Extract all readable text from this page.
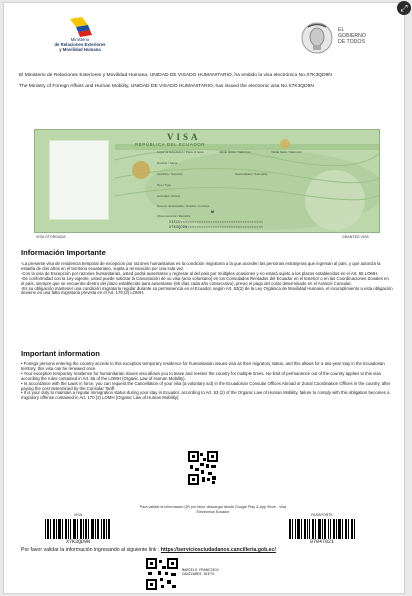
Ministerio
de Relaciones Exteriores
y Movilidad Humana
EL
GOBIERNO
DE TODOS
El Ministerio de Relaciones Exteriores y Movilidad Humana, UNIDAD DE VISADO HUMANITARIO, ha emitido la visa electrónica No.X7K3QD9N
The Ministry of Foreign Affairs and Human Mobility, UNIDAD DE VISADO HUMANITARIO, has issued the electronic visa No.X7K3QD9N
VISA
REPÚBLICA DEL ECUADOR
Lugar de Expedición / Place of issue	Válida desde / Valid from	Válida hasta / Valid until
Nombre / Name
Apellidos / Surname	Nacionalidad / Nationality
Tipo / Type
Actividad / Activity
Número de Entradas / Number of entries
M
Observaciones / Remarks
VIECU<<<<<<<<<<<<<<<<<<<<<<<<<<<<<<<<<<<<
X7K3QD9N<<<<<<<<<<<<<<<<<<<<<<<<<<<<<<<<<
VISA OTORGADA	GRANTED VISA
Información Importante

-La presente visa de residencia temporal de excepción por razones humanitarias es la condición migratoria a la que acceden las personas extranjeras que ingresan al país, y que autoriza la estadía de dos años en el territorio ecuatoriano, sujeta a renovación por una sola vez.

-Con la visa de Excepción por razones humanitarias, usted podrá ausentarse y regresar al del país por múltiples ocasiones y no estará sujeto a los plazos establecidos en el Art. 65 LOMH.

-De conformidad con la Ley vigente, usted puede solicitar la Cancelación de su visa (acto voluntario) en los Consulados Rentados del Ecuador en el Exterior o en las Coordinaciones Zonales en el país, siempre que se encuentre dentro del plazo establecido para ausentarse (90 días cada año consecutivo), previo el pago del costo determinado en el Arancel Consular.

-Es su obligación mantener una condición migratoria regular durante su permanencia en el Ecuador, según Art. 53(2) de la Ley Orgánica de Movilidad Humana, el incumplimiento a esta obligación deviene en una falta migratoria prevista en el Art. 170 (2) LOMH.

Important information

• Foreign persons entering the country accede to this exception temporary residence for humanitarian issues visa as their migratory status, and this allows for a two-year stay in the Ecuadorian territory, this visa can be renewed once.

• Your exception temporary residence for humanitarian issues visa allows you to leave and reenter the country for multiple times. No limit of permanence out of the country applies to this visa according the rules contained in Art. 65 of the LOMH (Organic Law of Human Mobility).

• In accordance with the Laws in force, you can request the Cancellation of your visa (a voluntary act) in the Ecuadorian Consular Offices Abroad or Zonal Coordination Offices in the country, after paying the cost determined by the Consular Tariff.

• It is your duty to maintain a regular immigration status during your stay in Ecuador, according to Art. 53 (2) of the Organic Law of Human Mobility, failure to comply with this obligation becomes a migratory offense contained in Art. 170 (2) LOMH (Organic Law of Human Mobility).

Para validar la información QR por favor descargar desde Google Play & App Store - Visa Electrónica Ecuador
VISA
X7K3QD9N
PASAPORTE
07847021
Por favor validar la información ingresando al siguiente link : https://serviciosciudadanos.cancilleria.gob.ec/
MARCELO FRANCISCO
CANIZARES NIETO
⤢
